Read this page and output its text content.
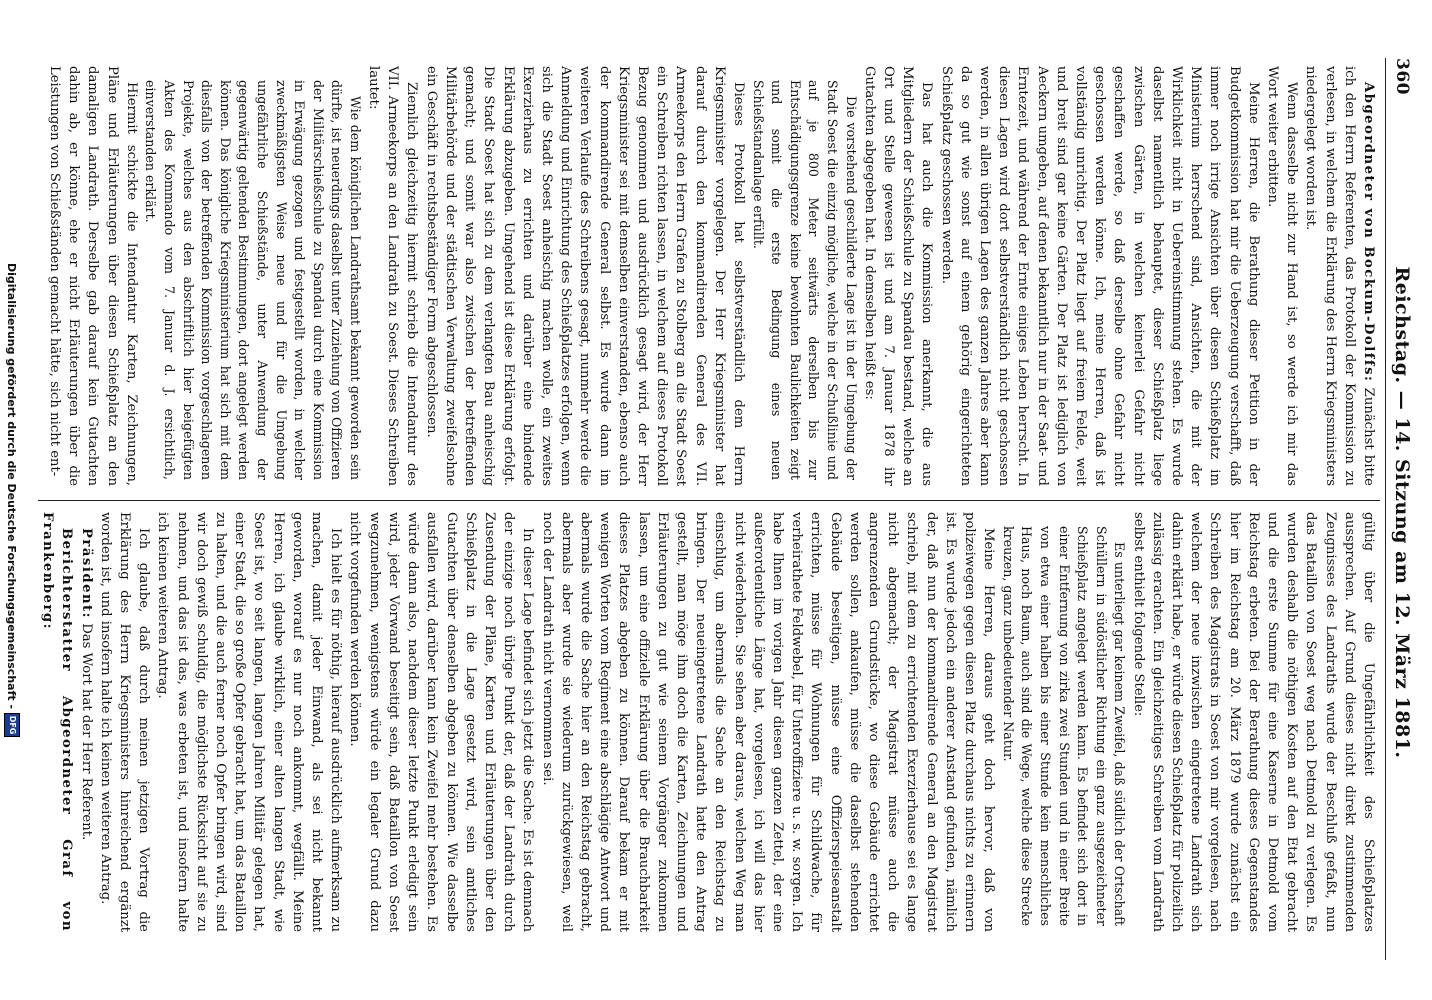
360
Reichstag. — 14. Sitzung am 12. März 1881.

Abgeordneter von Bockum-Dolffs: Zunächst bitte ich den Herrn Referenten, das Protokoll der Kommission zu verlesen, in welchem die Erklärung des Herrn Kriegsministers niedergelegt worden ist.

Wenn dasselbe nicht zur Hand ist, so werde ich mir das Wort weiter erbitten.

Meine Herren, die Berathung dieser Petition in der Budgetkommission hat mir die Ueberzeugung verschafft, daß immer noch irrige Ansichten über diesen Schießplatz im Ministerium herrschend sind, Ansichten, die mit der Wirklichkeit nicht in Uebereinstimmung stehen. Es wurde daselbst namentlich behauptet, dieser Schießplatz liege zwischen Gärten, in welchen keinerlei Gefahr nicht geschaffen werde, so daß derselbe ohne Gefahr nicht geschossen werden könne. Ich, meine Herren, daß ist vollständig unrichtig. Der Platz liegt auf freiem Felde, weit und breit sind gar keine Gärten. Der Platz ist lediglich von Aeckern umgeben, auf denen bekanntlich nur in der Saat- und Erntezeit, und während der Ernte einiges Leben herrscht. In diesen Lagen wird dort selbstverständlich nicht geschossen werden, in allen übrigen Lagen des ganzen Jahres aber kann da so gut wie sonst auf einem gehörig eingerichteten Schießplatz geschossen werden.

Das hat auch die Kommission anerkannt, die aus Mitgliedern der Schießschule zu Spandau bestand, welche an Ort und Stelle gewesen ist und am 7. Januar 1878 ihr Gutachten abgegeben hat. In demselben heißt es:

Die vorstehend geschilderte Lage ist in der Umgebung der Stadt Soest die einzig mögliche, welche in der Schußlinie und auf je 800 Meter seitwärts derselben bis zur Entschädigungsgrenze keine bewohnten Baulichkeiten zeigt und somit die erste Bedingung eines neuen Schießstandanlage erfüllt.

Dieses Protokoll hat selbstverständlich dem Herrn Kriegsminister vorgelegen. Der Herr Kriegsminister hat darauf durch den kommandirenden General des VII. Armeekorps den Herrn Grafen zu Stolberg an die Stadt Soest ein Schreiben richten lassen, in welchem auf dieses Protokoll Bezug genommen und ausdrücklich gesagt wird, der Herr Kriegsminister sei mit demselben einverstanden, ebenso auch der kommandirende General selbst. Es wurde dann im weiteren Verlaufe des Schreibens gesagt, nunmehr werde die Anmeldung und Einrichtung des Schießplatzes erfolgen, wenn sich die Stadt Soest anheischig machen wolle, ein zweites Exerzierhaus zu errichten und darüber eine bindende Erklärung abzugeben. Umgehend ist diese Erklärung erfolgt. Die Stadt Soest hat sich zu dem verlangten Bau anheischig gemacht; und somit war also zwischen der betreffenden Militärbehörde und der städtischen Verwaltung zweifelsohne ein Geschäft in rechtsbeständiger Form abgeschlossen.

Ziemlich gleichzeitig hiermit schrieb die Intendantur des VII. Armeekorps an den Landrath zu Soest. Dieses Schreiben lautet:

Wie dem königlichen Landrathsamt bekannt geworden sein dürfte, ist neuerdings daselbst unter Zuziehung von Offizieren der Militärschießschule zu Spandau durch eine Kommission in Erwägung gezogen und festgestellt worden, in welcher zweckmäßigsten Weise neue und für die Umgebung ungefährliche Schießstände, unter Anwendung der gegenwärtig geltenden Bestimmungen, dort angelegt werden können. Das königliche Kriegsministerium hat sich mit dem diesfalls von der betreffenden Kommission vorgeschlagenen Projekte, welches aus den abschriftlich hier beigefügten Akten des Kommando vom 7. Januar d. J. ersichtlich, einverstanden erklärt.

Hiermit schickte die Intendantur Karten, Zeichnungen, Pläne und Erläuterungen über diesen Schießplatz an den damaligen Landrath. Derselbe gab darauf kein Gutachten dahin ab, er könne, ehe er nicht Erläuterungen über die Leistungen von Schießständen gemacht hätte, sich nicht ent-

gültig über die Ungefährlichkeit des Schießplatzes aussprechen. Auf Grund dieses nicht direkt zustimmenden Zeugnisses des Landraths wurde der Beschluß gefaßt, nun das Bataillon von Soest weg nach Detmold zu verlegen. Es wurden deshalb die nöthigen Kosten auf den Etat gebracht und die erste Summe für eine Kaserne in Detmold vom Reichstag erbeten. Bei der Berathung dieses Gegenstandes hier im Reichstag am 20. März 1879 wurde zunächst ein Schreiben des Magistrats in Soest von mir vorgelesen, nach welchem der neue inzwischen eingetretene Landrath sich dahin erklärt habe, er würde diesen Schießplatz für polizeilich zulässig erachten. Ein gleichzeitiges Schreiben vom Landrath selbst enthielt folgende Stelle:

Es unterliegt gar keinem Zweifel, daß südlich der Ortschaft Schüllern in südöstlicher Richtung ein ganz ausgezeichneter Schießplatz angelegt werden kann. Es befindet sich dort in einer Entfernung von zirka zwei Stunden und in einer Breite von etwa einer halben bis einer Stunde kein menschliches Haus, noch Baum, auch sind die Wege, welche diese Strecke kreuzen, ganz unbedeutender Natur.

Meine Herren, daraus geht doch hervor, daß von polizeiwegen gegen diesen Platz durchaus nichts zu erinnern ist. Es wurde jedoch ein anderer Anstand gefunden, nämlich der, daß nun der kommandirende General an den Magistrat schrieb, mit dem zu errichtenden Exerzierhause sei es lange nicht abgemacht; der Magistrat müsse auch die angrenzenden Grundstücke, wo diese Gebäude errichtet werden sollen, ankaufen, müsse die daselbst stehenden Gebäude beseitigen, müsse eine Offizierspeiseanstalt errichten, müsse für Wohnungen für Schildwache, für verheirathete Feldwebel, für Unteroffiziere u. s. w. sorgen. Ich habe Ihnen im vorigen Jahr diesen ganzen Zettel, der eine außerordentliche Länge hat, vorgelesen, ich will das hier nicht wiederholen. Sie sehen aber daraus, welchen Weg man einschlug, um abermals die Sache an den Reichstag zu bringen. Der neueingetretene Landrath hatte den Antrag gestellt, man möge ihm doch die Karten, Zeichnungen und Erläuterungen zu gut wie seinem Vorgänger zukommen lassen, um eine offizielle Erklärung über die Brauchbarkeit dieses Platzes abgeben zu können. Darauf bekam er mit wenigen Worten vom Regiment eine abschlägige Antwort und abermals wurde die Sache hier an den Reichstag gebracht, abermals aber wurde sie wiederum zurückgewiesen, weil noch der Landrath nicht vernommen sei.

In dieser Lage befindet sich jetzt die Sache. Es ist demnach der einzige noch übrige Punkt der, daß der Landrath durch Zusendung der Pläne, Karten und Erläuterungen über den Schießplatz in die Lage gesetzt wird, sein amtliches Gutachten über denselben abgeben zu können. Wie dasselbe ausfallen wird, darüber kann kein Zweifel mehr bestehen. Es würde dann also, nachdem dieser letzte Punkt erledigt sein wird, jeder Vorwand beseitigt sein, daß Bataillon von Soest wegzunehmen, wenigstens würde ein legaler Grund dazu nicht vorgefunden werden können.

Ich hielt es für nöthig, hierauf ausdrücklich aufmerksam zu machen, damit jeder Einwand, als sei nicht bekannt geworden, worauf es nur noch ankommt, wegfällt. Meine Herren, ich glaube wirklich, einer alten langen Stadt, wie Soest ist, wo seit langen, langen Jahren Militär gelegen hat, einer Stadt, die so große Opfer gebracht hat, um das Bataillon zu halten, und die auch ferner noch Opfer bringen wird, sind wir doch gewiß schuldig, die möglichste Rücksicht auf sie zu nehmen, und das ist das, was erbeten ist, und insofern halte ich keinen weiteren Antrag.

Ich glaube, daß durch meinen jetzigen Vortrag die Erklärung des Herrn Kriegsministers hinreichend ergänzt worden ist, und insofern halte ich keinen weiteren Antrag.

Präsident: Das Wort hat der Herr Referent.

Berichterstatter Abgeordneter Graf von Frankenberg:

Digitalisierung gefördert durch die Deutsche Forschungsgemeinschaft -
DFG
